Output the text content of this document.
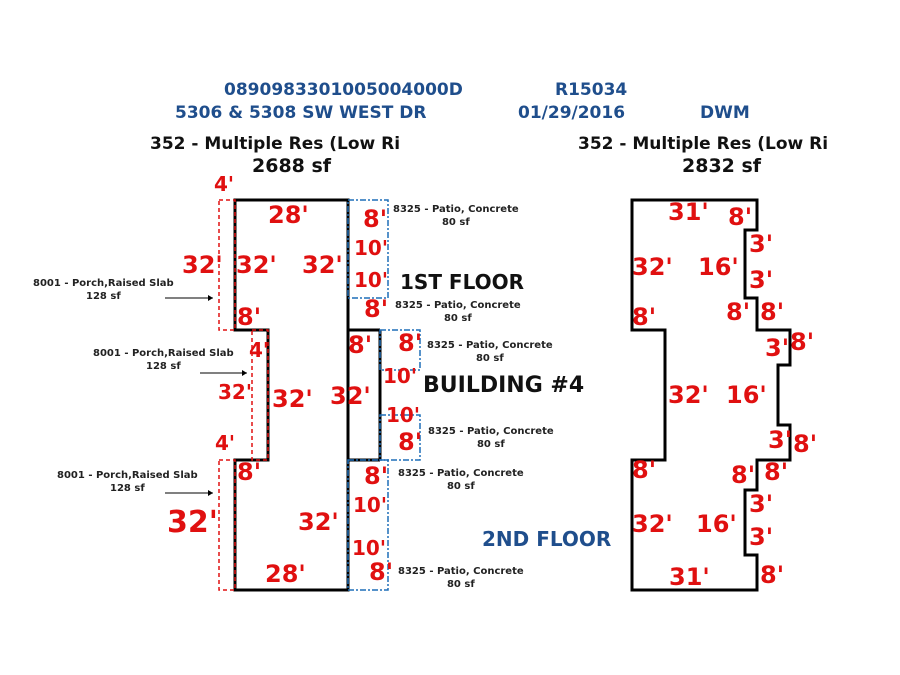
0890983301005004000D	R15034
5306 & 5308 SW WEST DR	01/29/2016	DWM
352 - Multiple Res (Low Ri
2688 sf
352 - Multiple Res (Low Ri
2832 sf
8325 - Patio, Concrete
80 sf
8325 - Patio, Concrete
80 sf
8325 - Patio, Concrete
80 sf
8325 - Patio, Concrete
80 sf
8325 - Patio, Concrete
80 sf
8325 - Patio, Concrete
80 sf
8001 - Porch,Raised Slab
128 sf
8001 - Porch,Raised Slab
128 sf
8001 - Porch,Raised Slab
128 sf
1ST FLOOR
BUILDING #4
2ND FLOOR
4'
28'
32' 32' 32'
8'
8'
4'
32' 32' 32'
4'
8'
32'	32'
28'
8'
10'
10'
8'
8'
10'
10'
8'
8'
10'
10'
8'
31' 8'
3'
32' 16' 3'
8'	8' 8'
3' 8'
32' 16'
3' 8'
8'	8' 8'
3'
32' 16' 3'
31' 8'
